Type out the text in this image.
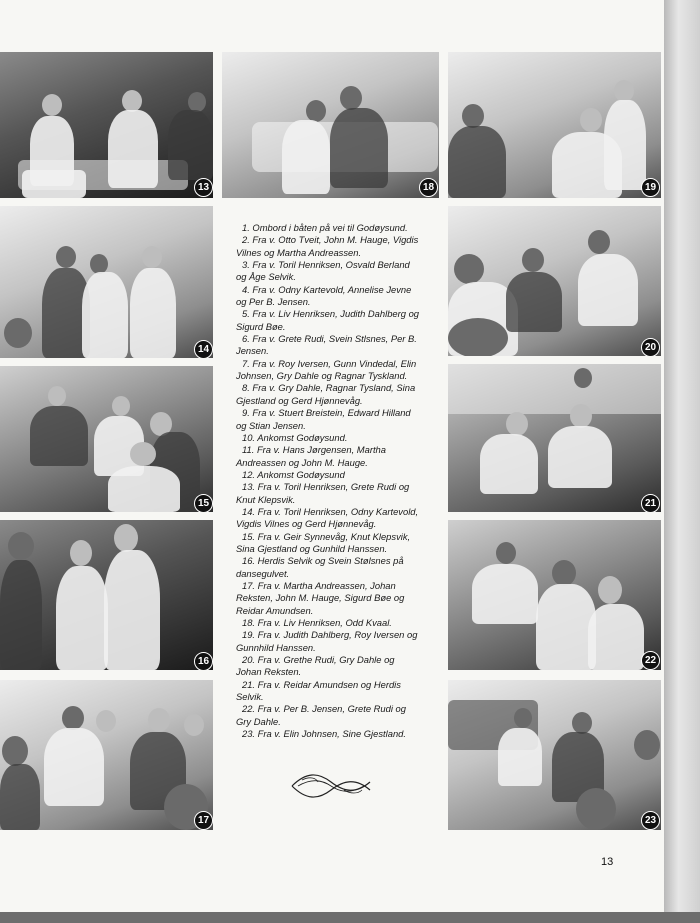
13
14
15
16
17
18	19
20
21
22
23

1. Ombord i båten på vei til Godøysund.

2. Fra v. Otto Tveit, John M. Hauge, Vigdis Vilnes og Martha Andreassen.

3. Fra v. Toril Henriksen, Osvald Berland og Åge Selvik.

4. Fra v. Odny Kartevold, Annelise Jevne og Per B. Jensen.

5. Fra v. Liv Henriksen, Judith Dahlberg og Sigurd Bøe.

6. Fra v. Grete Rudi, Svein Stlsnes, Per B. Jensen.

7. Fra v. Roy Iversen, Gunn Vindedal, Elin Johnsen, Gry Dahle og Ragnar Tyskland.

8. Fra v. Gry Dahle, Ragnar Tysland, Sina Gjestland og Gerd Hjønnevåg.

9. Fra v. Stuert Breistein, Edward Hilland og Stian Jensen.

10. Ankomst Godøysund.

11. Fra v. Hans Jørgensen, Martha Andreassen og John M. Hauge.

12. Ankomst Godøysund

13. Fra v. Toril Henriksen, Grete Rudi og Knut Klepsvik.

14. Fra v. Toril Henriksen, Odny Kartevold, Vigdis Vilnes og Gerd Hjønnevåg.

15. Fra v. Geir Synnevåg, Knut Klepsvik, Sina Gjestland og Gunhild Hanssen.

16. Herdis Selvik og Svein Stølsnes på dansegulvet.

17. Fra v. Martha Andreassen, Johan Reksten, John M. Hauge, Sigurd Bøe og Reidar Amundsen.

18. Fra v. Liv Henriksen, Odd Kvaal.

19. Fra v. Judith Dahlberg, Roy Iversen og Gunnhild Hanssen.

20. Fra v. Grethe Rudi, Gry Dahle og Johan Reksten.

21. Fra v. Reidar Amundsen og Herdis Selvik.

22. Fra v. Per B. Jensen, Grete Rudi og Gry Dahle.

23. Fra v. Elin Johnsen, Sine Gjestland.

13
